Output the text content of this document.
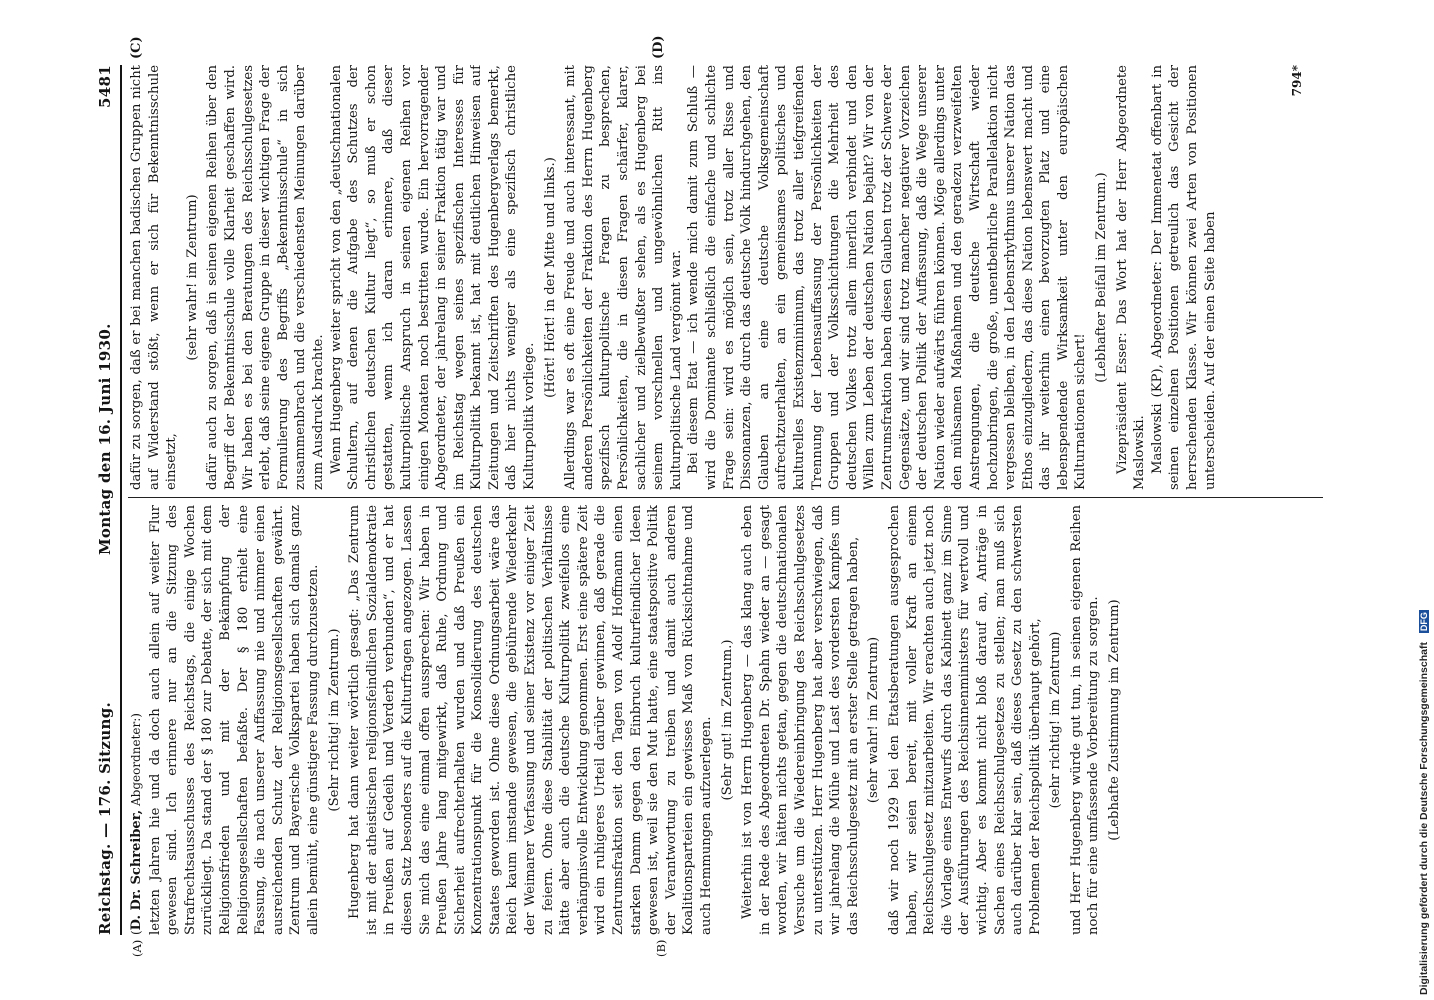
Reichstag. — 176. Sitzung.
Montag den 16. Juni 1930.
5481
(A)	(B)
(C)	(D)

(D. Dr. Schreiber, Abgeordneter:) letzten Jahren hie und da doch auch allein auf weiter Flur gewesen sind. Ich erinnere nur an die Sitzung des Strafrechtsausschusses des Reichstags, die einige Wochen zurückliegt. Da stand der § 180 zur Debatte, der sich mit dem Religionsfrieden und mit der Bekämpfung der Religionsgesellschaften befaßte. Der § 180 erhielt eine Fassung, die nach unserer Auffassung nie und nimmer einen ausreichenden Schutz der Religionsgesellschaften gewährt. Zentrum und Bayerische Volkspartei haben sich damals ganz allein bemüht, eine günstigere Fassung durchzusetzen. (Sehr richtig! im Zentrum.) Hugenberg hat dann weiter wörtlich gesagt: „Das Zentrum ist mit der atheistischen religionsfeindlichen Sozialdemokratie in Preußen auf Gedeih und Verderb verbunden“, und er hat diesen Satz besonders auf die Kulturfragen angezogen. Lassen Sie mich das eine einmal offen aussprechen: Wir haben in Preußen Jahre lang mitgewirkt, daß Ruhe, Ordnung und Sicherheit aufrechterhalten wurden und daß Preußen ein Konzentrationspunkt für die Konsolidierung des deutschen Staates geworden ist. Ohne diese Ordnungsarbeit wäre das Reich kaum imstande gewesen, die gebührende Wiederkehr der Weimarer Verfassung und seiner Existenz vor einiger Zeit zu feiern. Ohne diese Stabilität der politischen Verhältnisse hätte aber auch die deutsche Kulturpolitik zweifellos eine verhängnisvolle Entwicklung genommen. Erst eine spätere Zeit wird ein ruhigeres Urteil darüber gewinnen, daß gerade die Zentrumsfraktion seit den Tagen von Adolf Hoffmann einen starken Damm gegen den Einbruch kulturfeindlicher Ideen gewesen ist, weil sie den Mut hatte, eine staatspositive Politik der Verantwortung zu treiben und damit auch anderen Koalitionsparteien ein gewisses Maß von Rücksichtnahme und auch Hemmungen aufzuerlegen. (Sehr gut! im Zentrum.) Weiterhin ist von Herrn Hugenberg — das klang auch eben in der Rede des Abgeordneten Dr. Spahn wieder an — gesagt worden, wir hätten nichts getan, gegen die deutschnationalen Versuche um die Wiedereinbringung des Reichsschulgesetzes zu unterstützen. Herr Hugenberg hat aber verschwiegen, daß wir jahrelang die Mühe und Last des vordersten Kampfes um das Reichsschulgesetz mit an erster Stelle getragen haben, (sehr wahr! im Zentrum) daß wir noch 1929 bei den Etatsberatungen ausgesprochen haben, wir seien bereit, mit voller Kraft an einem Reichsschulgesetz mitzuarbeiten. Wir erachten auch jetzt noch die Vorlage eines Entwurfs durch das Kabinett ganz im Sinne der Ausführungen des Reichsinnenministers für wertvoll und wichtig. Aber es kommt nicht bloß darauf an, Anträge in Sachen eines Reichsschulgesetzes zu stellen; man muß sich auch darüber klar sein, daß dieses Gesetz zu den schwersten Problemen der Reichspolitik überhaupt gehört, (sehr richtig! im Zentrum) und Herr Hugenberg würde gut tun, in seinen eigenen Reihen noch für eine umfassende Vorbereitung zu sorgen. (Lebhafte Zustimmung im Zentrum)

dafür zu sorgen, daß er bei manchen badischen Gruppen nicht auf Widerstand stößt, wenn er sich für Bekenntnisschule einsetzt,

(sehr wahr! im Zentrum) dafür auch zu sorgen, daß in seinen eigenen Reihen über den Begriff der Bekenntnisschule volle Klarheit geschaffen wird. Wir haben es bei den Beratungen des Reichsschulgesetzes erlebt, daß seine eigene Gruppe in dieser wichtigen Frage der Formulierung des Begriffs „Bekenntnisschule“ in sich zusammenbrach und die verschiedensten Meinungen darüber zum Ausdruck brachte. Wenn Hugenberg weiter spricht von den „deutschnationalen Schultern, auf denen die Aufgabe des Schutzes der christlichen deutschen Kultur liegt“, so muß er schon gestatten, wenn ich daran erinnere, daß dieser kulturpolitische Anspruch in seinen eigenen Reihen vor einigen Monaten noch bestritten wurde. Ein hervorragender Abgeordneter, der jahrelang in seiner Fraktion tätig war und im Reichstag wegen seines spezifischen Interesses für Kulturpolitik bekannt ist, hat mit deutlichen Hinweisen auf Zeitungen und Zeitschriften des Hugenbergverlags bemerkt, daß hier nichts weniger als eine spezifisch christliche Kulturpolitik vorliege.

(Hört! Hört! in der Mitte und links.) Allerdings war es oft eine Freude und auch interessant, mit anderen Persönlichkeiten der Fraktion des Herrn Hugenberg spezifisch kulturpolitische Fragen zu besprechen, Persönlichkeiten, die in diesen Fragen schärfer, klarer, sachlicher und zielbewußter sehen, als es Hugenberg bei seinem vorschnellen und ungewöhnlichen Ritt ins kulturpolitische Land vergönnt war. Bei diesem Etat — ich wende mich damit zum Schluß — wird die Dominante schließlich die einfache und schlichte Frage sein: wird es möglich sein, trotz aller Risse und Dissonanzen, die durch das deutsche Volk hindurchgehen, den Glauben an eine deutsche Volksgemeinschaft aufrechtzuerhalten, an ein gemeinsames politisches und kulturelles Existenzminimum, das trotz aller tiefgreifenden Trennung der Lebensauffassung der Persönlichkeiten der Gruppen und der Volksschichtungen die Mehrheit des deutschen Volkes trotz allem innerlich verbindet und den Willen zum Leben der deutschen Nation bejaht? Wir von der Zentrumsfraktion haben diesen Glauben trotz der Schwere der Gegensätze, und wir sind trotz mancher negativer Vorzeichen der deutschen Politik der Auffassung, daß die Wege unserer Nation wieder aufwärts führen können. Möge allerdings unter den mühsamen Maßnahmen und den geradezu verzweifelten Anstrengungen, die deutsche Wirtschaft wieder hochzubringen, die große, unentbehrliche Parallelaktion nicht vergessen bleiben, in den Lebensrhythmus unserer Nation das Ethos einzugliedern, das diese Nation lebenswert macht und das ihr weiterhin einen bevorzugten Platz und eine lebenspendende Wirksamkeit unter den europäischen Kulturnationen sichert!

(Lebhafter Beifall im Zentrum.) Vizepräsident Esser: Das Wort hat der Herr Abgeordnete Maslowski. Maslowski (KP), Abgeordneter: Der Immenetat offenbart in seinen einzelnen Positionen getreulich das Gesicht der herrschenden Klasse. Wir können zwei Arten von Positionen unterscheiden. Auf der einen Seite haben

794*
Digitalisierung gefördert durch die Deutsche Forschungsgemeinschaft DFG
